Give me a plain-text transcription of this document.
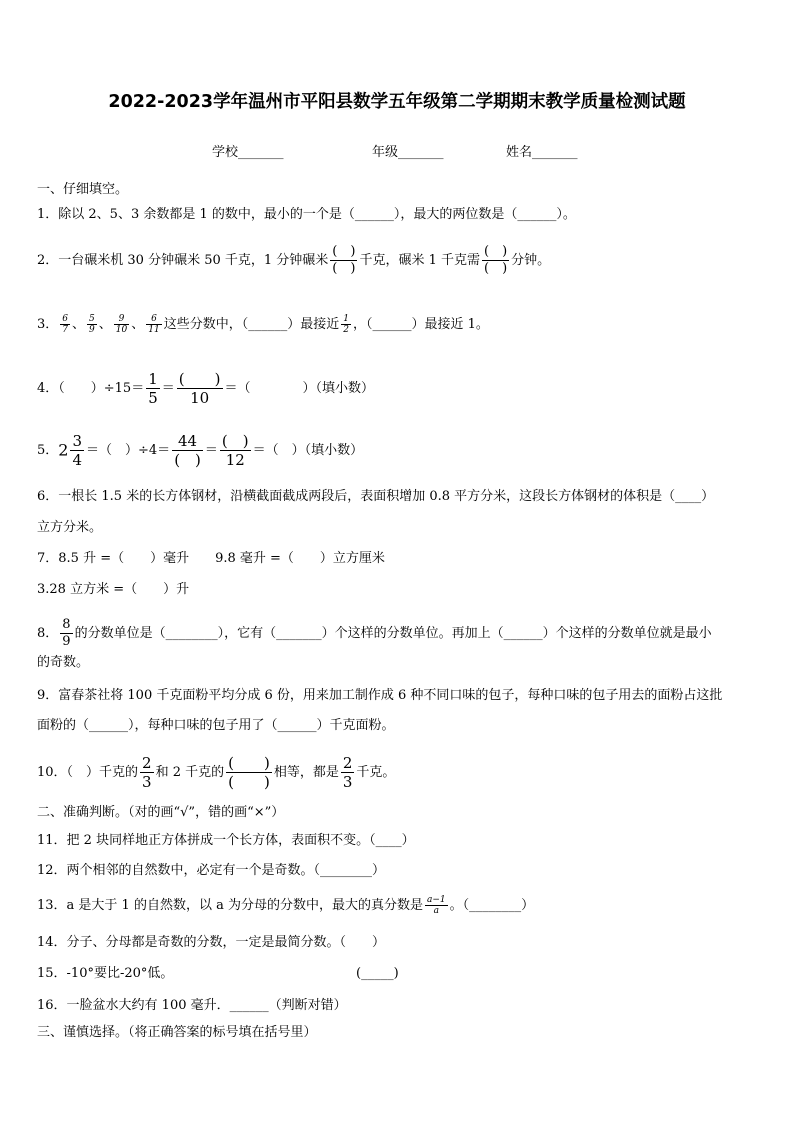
2022-2023学年温州市平阳县数学五年级第二学期期末教学质量检测试题
学校_______	年级_______	姓名_______
一、仔细填空。
1．除以 2、5、3 余数都是 1 的数中，最小的一个是（______），最大的两位数是（______）。
2．一台碾米机 30 分钟碾米 50 千克，1 分钟碾米 $\frac{( )}{( )}$ 千克，碾米 1 千克需 $\frac{( )}{( )}$ 分钟。
3． $\frac{6}{7}$ 、 $\frac{5}{9}$ 、 $\frac{9}{10}$ 、 $\frac{6}{11}$ 这些分数中，（______）最接近 $\frac{1}{2}$ ，（______）最接近 1。
4．（　　）$\div 15= \frac{1}{5} = \frac{( )}{10}$ ＝（　　　　）（填小数）
5．$2 \frac{3}{4}$ ＝（　）$\div 4= \frac{44}{( )} = \frac{( )}{12}$ ＝（　）（填小数）
6．一根长 1.5 米的长方体钢材，沿横截面截成两段后，表面积增加 0.8 平方分米，这段长方体钢材的体积是（____）
立方分米。
7．8.5 升 =（　　）毫升　　9.8 毫升 =（　　）立方厘米
3.28 立方米 =（　　）升
8． $\frac{8}{9}$ 的分数单位是（________），它有（_______）个这样的分数单位。再加上（______）个这样的分数单位就是最小
的奇数。
9．富春茶社将 100 千克面粉平均分成 6 份，用来加工制作成 6 种不同口味的包子，每种口味的包子用去的面粉占这批
面粉的（______），每种口味的包子用了（______）千克面粉。
10．（　）千克的 $\frac{2}{3}$ 和 2 千克的 $\frac{( )}{( )}$ 相等，都是 $\frac{2}{3}$ 千克。
二、准确判断。（对的画“√”，错的画“×”）
11．把 2 块同样地正方体拼成一个长方体，表面积不变。（____）
12．两个相邻的自然数中，必定有一个是奇数。（________）
13．a 是大于 1 的自然数，以 a 为分母的分数中，最大的真分数是 $\frac{a-1}{a}$ 。（________）
14．分子、分母都是奇数的分数，一定是最简分数。（　　）
15．-10°要比-20°低。	(_____)
16．一脸盆水大约有 100 毫升．______（判断对错）
三、谨慎选择。（将正确答案的标号填在括号里）
